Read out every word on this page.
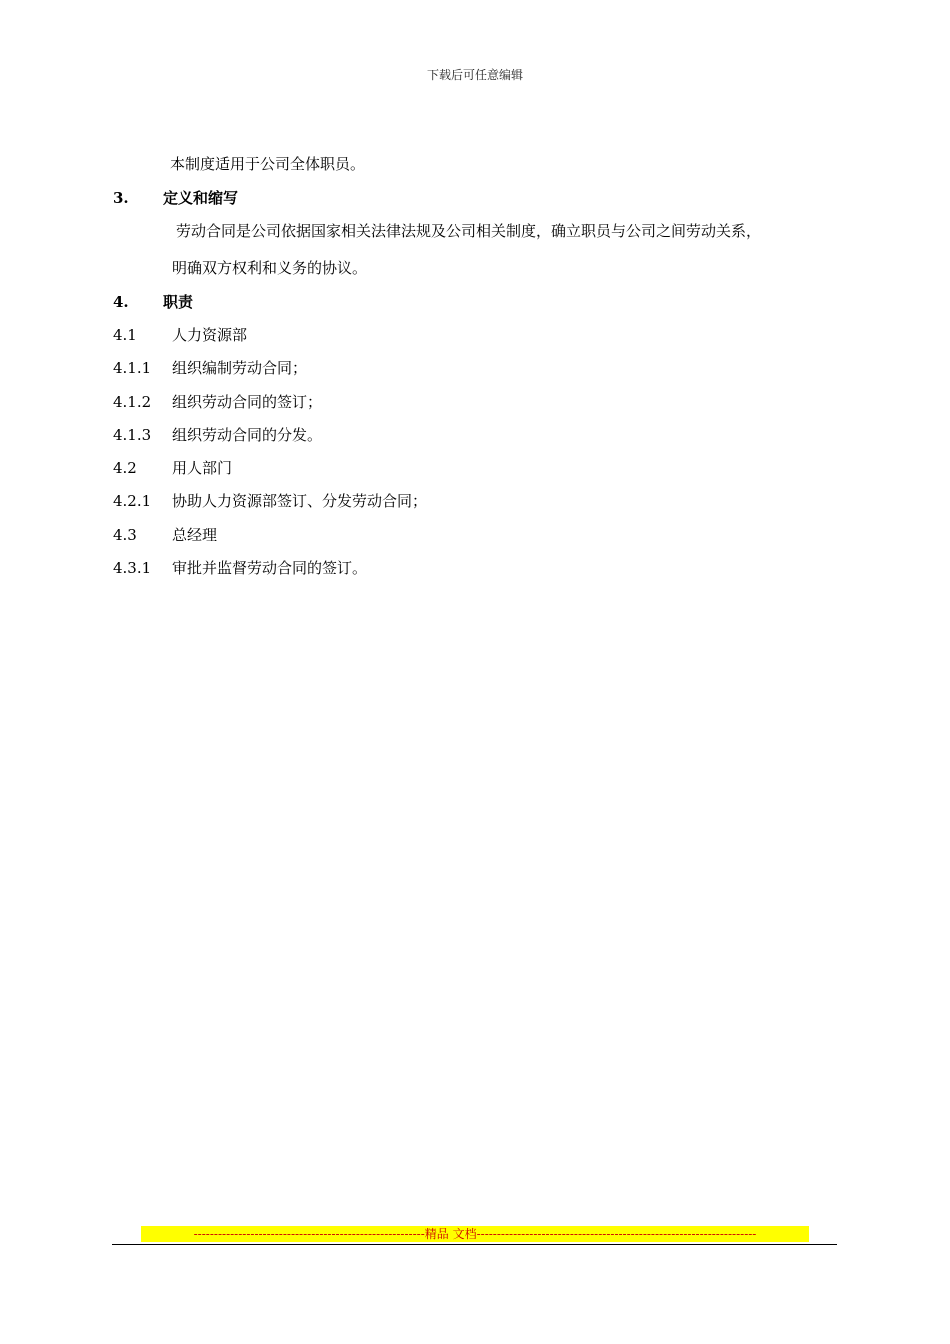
下载后可任意编辑
本制度适用于公司全体职员。
3. 定义和缩写
劳动合同是公司依据国家相关法律法规及公司相关制度，确立职员与公司之间劳动关系，
明确双方权利和义务的协议。
4. 职责
4.1 人力资源部
4.1.1 组织编制劳动合同；
4.1.2 组织劳动合同的签订；
4.1.3 组织劳动合同的分发。
4.2 用人部门
4.2.1 协助人力资源部签订、分发劳动合同；
4.3 总经理
4.3.1 审批并监督劳动合同的签订。
---------------------------------------------------------精品 文档---------------------------------------------------------------------
